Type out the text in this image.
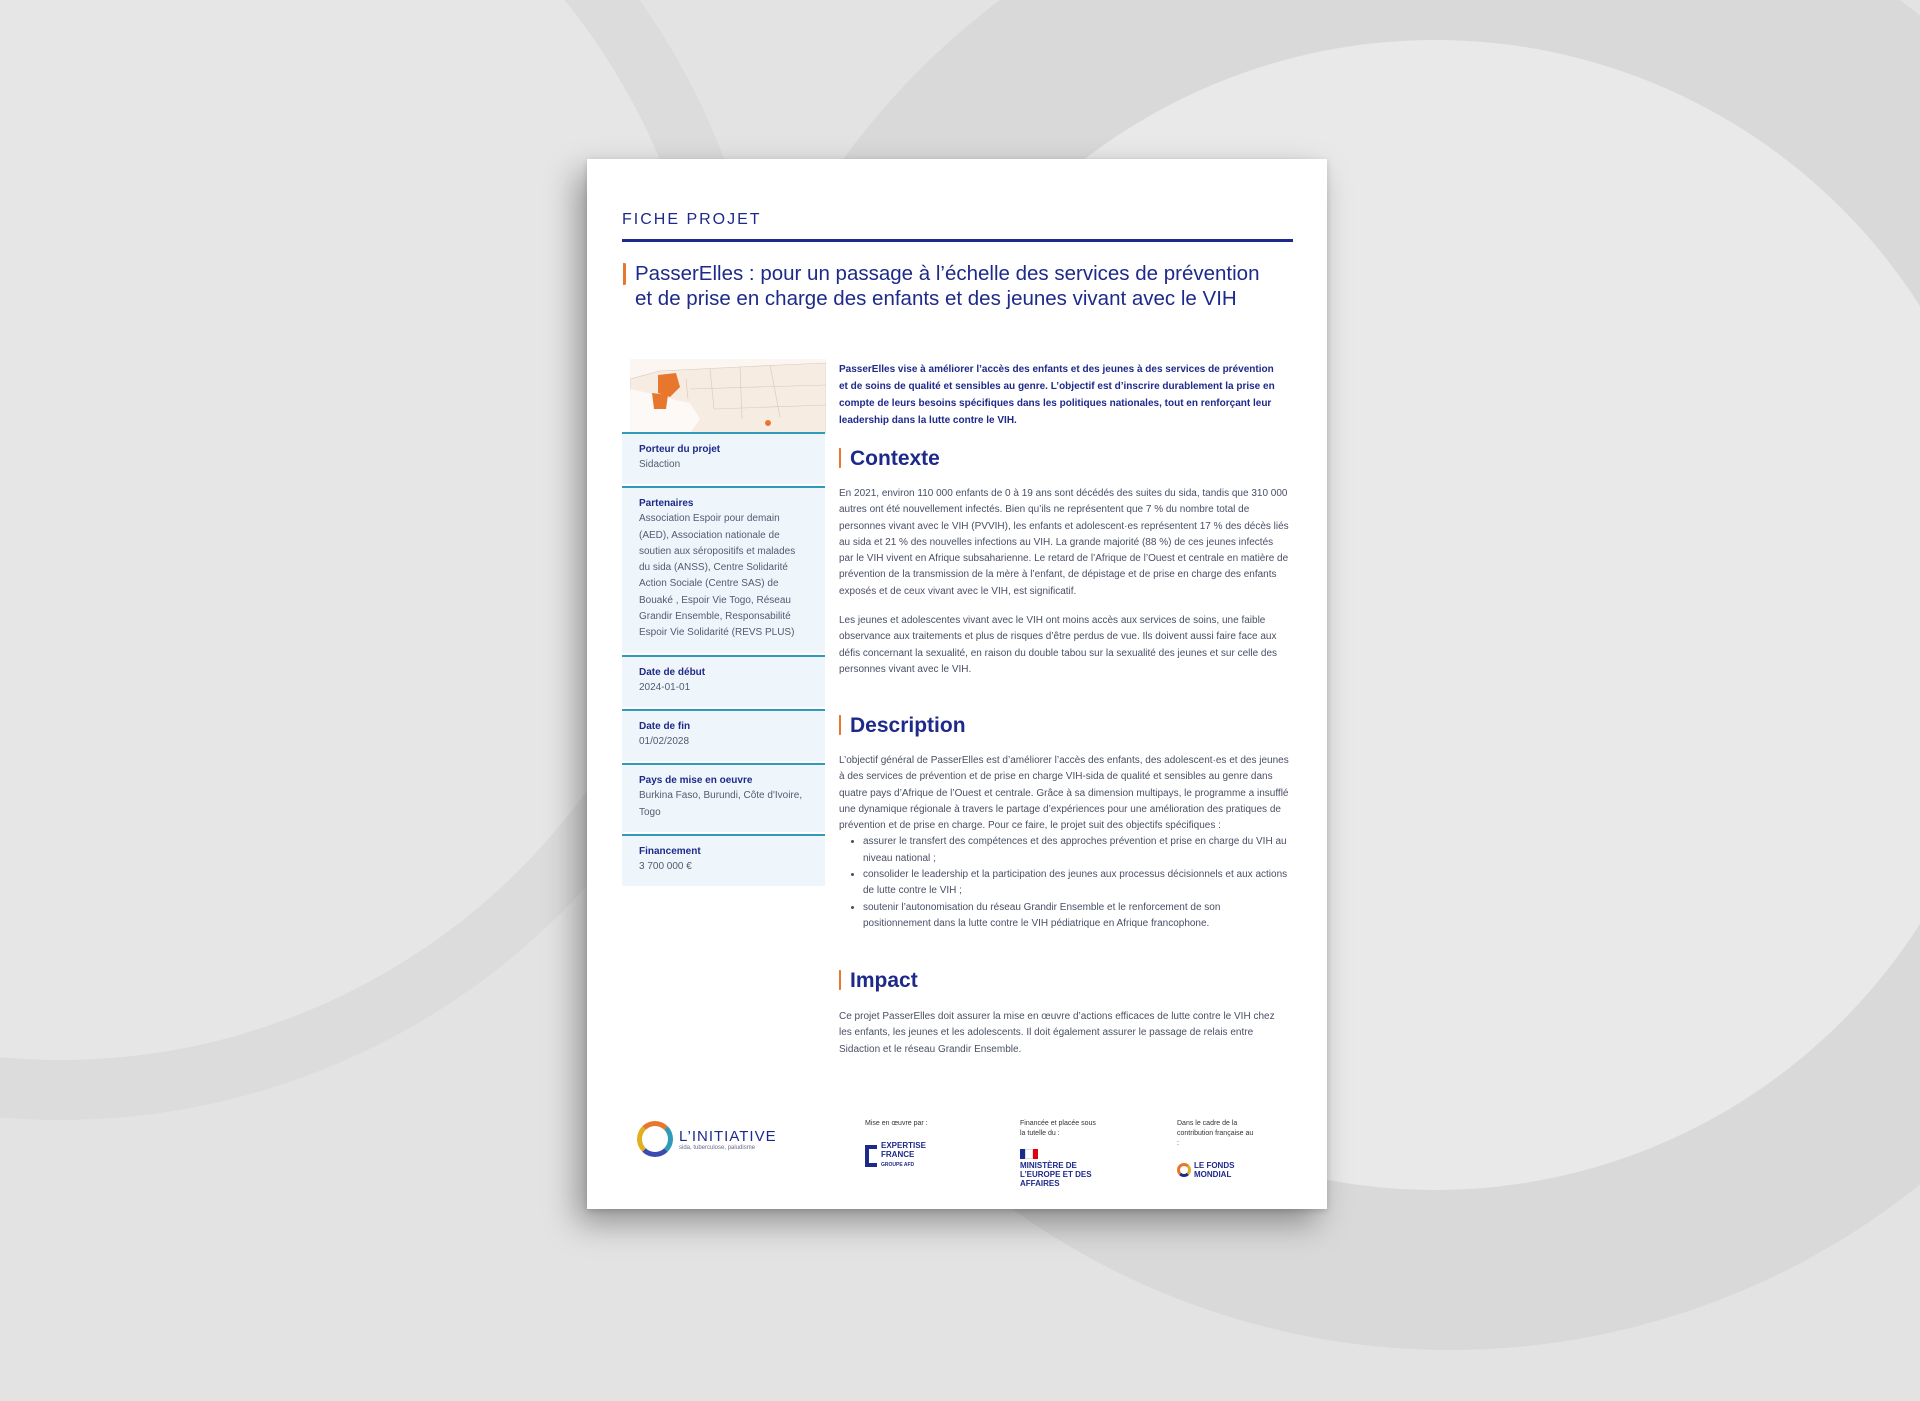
FICHE PROJET
PasserElles : pour un passage à l’échelle des services de prévention et de prise en charge des enfants et des jeunes vivant avec le VIH
Porteur du projet
Sidaction
Partenaires
Association Espoir pour demain (AED), Association nationale de soutien aux séropositifs et malades du sida (ANSS), Centre Solidarité Action Sociale (Centre SAS) de Bouaké , Espoir Vie Togo, Réseau Grandir Ensemble, Responsabilité Espoir Vie Solidarité (REVS PLUS)
Date de début
2024-01-01
Date de fin
01/02/2028
Pays de mise en oeuvre
Burkina Faso, Burundi, Côte d'Ivoire, Togo
Financement
3 700 000 €
PasserElles vise à améliorer l’accès des enfants et des jeunes à des services de prévention et de soins de qualité et sensibles au genre. L’objectif est d’inscrire durablement la prise en compte de leurs besoins spécifiques dans les politiques nationales, tout en renforçant leur leadership dans la lutte contre le VIH.
Contexte

En 2021, environ 110 000 enfants de 0 à 19 ans sont décédés des suites du sida, tandis que 310 000 autres ont été nouvellement infectés. Bien qu’ils ne représentent que 7 % du nombre total de personnes vivant avec le VIH (PVVIH), les enfants et adolescent·es représentent 17 % des décès liés au sida et 21 % des nouvelles infections au VIH. La grande majorité (88 %) de ces jeunes infectés par le VIH vivent en Afrique subsaharienne. Le retard de l’Afrique de l’Ouest et centrale en matière de prévention de la transmission de la mère à l’enfant, de dépistage et de prise en charge des enfants exposés et de ceux vivant avec le VIH, est significatif.

Les jeunes et adolescentes vivant avec le VIH ont moins accès aux services de soins, une faible observance aux traitements et plus de risques d’être perdus de vue. Ils doivent aussi faire face aux défis concernant la sexualité, en raison du double tabou sur la sexualité des jeunes et sur celle des personnes vivant avec le VIH.

Description

L’objectif général de PasserElles est d’améliorer l’accès des enfants, des adolescent·es et des jeunes à des services de prévention et de prise en charge VIH-sida de qualité et sensibles au genre dans quatre pays d’Afrique de l’Ouest et centrale. Grâce à sa dimension multipays, le programme a insufflé une dynamique régionale à travers le partage d’expériences pour une amélioration des pratiques de prévention et de prise en charge. Pour ce faire, le projet suit des objectifs spécifiques :

• assurer le transfert des compétences et des approches prévention et prise en charge du VIH au niveau national ;
• consolider le leadership et la participation des jeunes aux processus décisionnels et aux actions de lutte contre le VIH ;
• soutenir l’autonomisation du réseau Grandir Ensemble et le renforcement de son positionnement dans la lutte contre le VIH pédiatrique en Afrique francophone.
Impact

Ce projet PasserElles doit assurer la mise en œuvre d’actions efficaces de lutte contre le VIH chez les enfants, les jeunes et les adolescents. Il doit également assurer le passage de relais entre Sidaction et le réseau Grandir Ensemble.

L’INITIATIVE
sida, tuberculose, paludisme
Mise en œuvre par :
EXPERTISE FRANCE
GROUPE AFD
Financée et placée sous la tutelle du :
MINISTÈRE DE L’EUROPE ET DES AFFAIRES
Dans le cadre de la contribution française au :
LE FONDS MONDIAL
